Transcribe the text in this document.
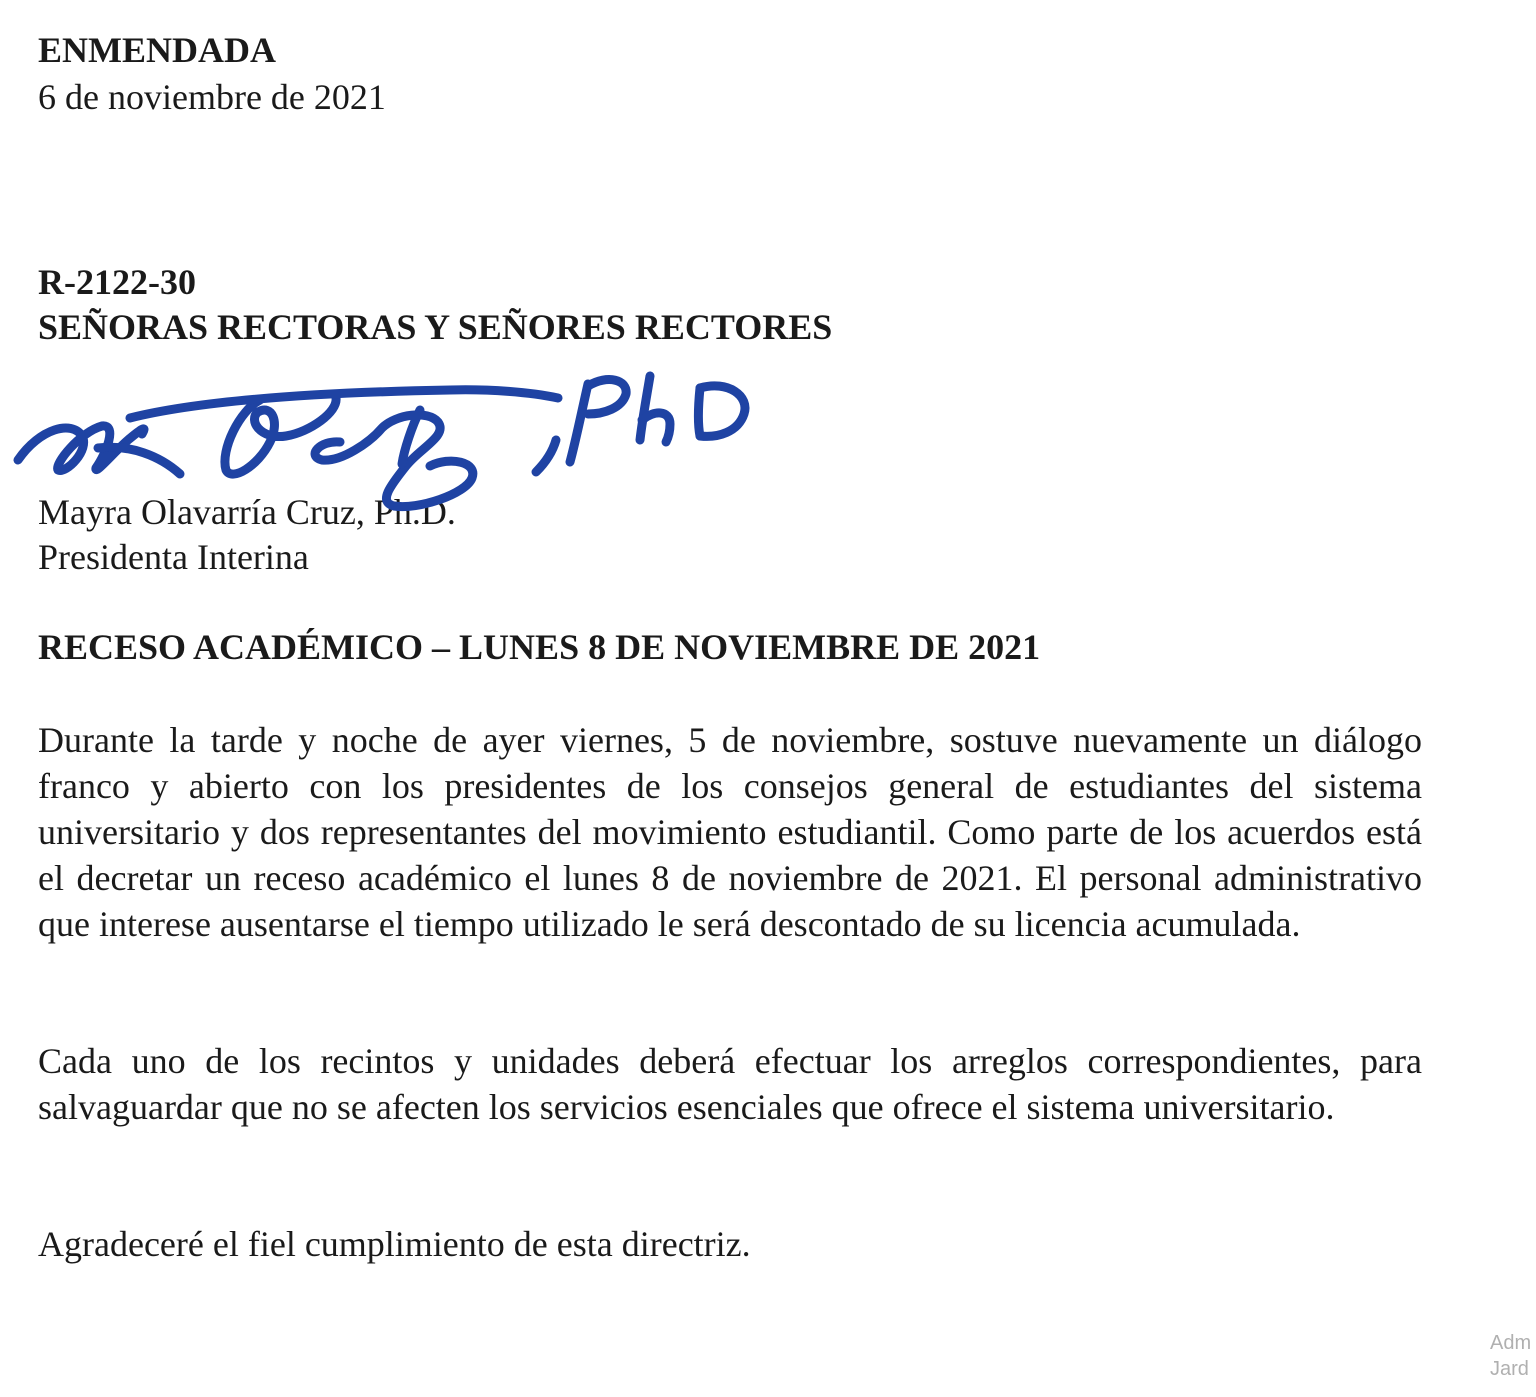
ENMENDADA
6 de noviembre de 2021
R-2122-30
SEÑORAS RECTORAS Y SEÑORES RECTORES
Mayra Olavarría Cruz, Ph.D.
Presidenta Interina
RECESO ACADÉMICO – LUNES 8 DE NOVIEMBRE DE 2021
Durante la tarde y noche de ayer viernes, 5 de noviembre, sostuve nuevamente un diálogo franco y abierto con los presidentes de los consejos general de estudiantes del sistema universitario y dos representantes del movimiento estudiantil. Como parte de los acuerdos está el decretar un receso académico el lunes 8 de noviembre de 2021. El personal administrativo que interese ausentarse el tiempo utilizado le será descontado de su licencia acumulada.
Cada uno de los recintos y unidades deberá efectuar los arreglos correspondientes, para salvaguardar que no se afecten los servicios esenciales que ofrece el sistema universitario.
Agradeceré el fiel cumplimiento de esta directriz.
Adm
Jard
